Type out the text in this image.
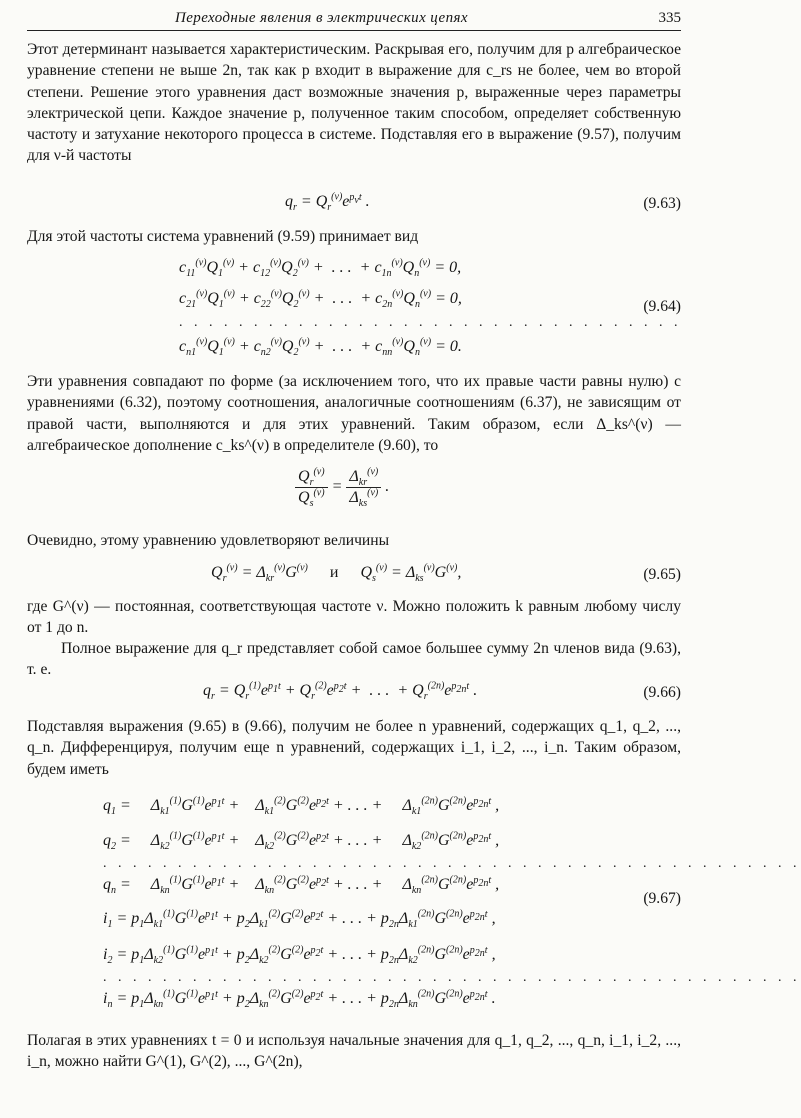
Переходные явления в электрических цепях	335
Этот детерминант называется характеристическим. Раскрывая его, получим для p алгебраическое уравнение степени не выше 2n, так как p входит в выражение для c_rs не более, чем во второй степени. Решение этого уравнения даст возможные значения p, выраженные через параметры электрической цепи. Каждое значение p, полученное таким способом, определяет собственную частоту и затухание некоторого процесса в системе. Подставляя его в выражение (9.57), получим для ν-й частоты
$q_r = Q_r^{(\nu)}e^{p_\nu t}$ .	(9.63)
Для этой частоты система уравнений (9.59) принимает вид
$c_{11}^{(\nu)}Q_1^{(\nu)} + c_{12}^{(\nu)}Q_2^{(\nu)}$ +  . . .  + $c_{1n}^{(\nu)}Q_n^{(\nu)} = 0$,
$c_{21}^{(\nu)}Q_1^{(\nu)} + c_{22}^{(\nu)}Q_2^{(\nu)}$ +  . . .  + $c_{2n}^{(\nu)}Q_n^{(\nu)} = 0$,
. . . . . . . . . . . . . . . . . . . . . . . . . . . . . . . . . .
$c_{n1}^{(\nu)}Q_1^{(\nu)} + c_{n2}^{(\nu)}Q_2^{(\nu)}$ +  . . .  + $c_{nn}^{(\nu)}Q_n^{(\nu)} = 0$.
(9.64)
Эти уравнения совпадают по форме (за исключением того, что их правые части равны нулю) с уравнениями (6.32), поэтому соотношения, аналогичные соотношениям (6.37), не зависящим от правой части, выполняются и для этих уравнений. Таким образом, если Δ_ks^(ν) — алгебраическое дополнение c_ks^(ν) в определителе (9.60), то
$\frac{Q_r^{(\nu)}}{Q_s^{(\nu)}} = \frac{\Delta_{kr}^{(\nu)}}{\Delta_{ks}^{(\nu)}}$ .
Очевидно, этому уравнению удовлетворяют величины
$Q_r^{(\nu)} = \Delta_{kr}^{(\nu)}G^{(\nu)}$ и $Q_s^{(\nu)} = \Delta_{ks}^{(\nu)}G^{(\nu)}$,	(9.65)
где G^(ν) — постоянная, соответствующая частоте ν. Можно положить k равным любому числу от 1 до n.
Полное выражение для q_r представляет собой самое большее сумму 2n членов вида (9.63), т. е.
$q_r = Q_r^{(1)}e^{p_1t} + Q_r^{(2)}e^{p_2t}$ +  . . .  + $Q_r^{(2n)}e^{p_{2n}t}$ .	(9.66)
Подставляя выражения (9.65) в (9.66), получим не более n уравнений, содержащих q_1, q_2, ..., q_n. Дифференцируя, получим еще n уравнений, содержащих i_1, i_2, ..., i_n. Таким образом, будем иметь
$q_1$ =     $\Delta_{k1}^{(1)}G^{(1)}e^{p_1t}$ +    $\Delta_{k1}^{(2)}G^{(2)}e^{p_2t}$ + . . . +     $\Delta_{k1}^{(2n)}G^{(2n)}e^{p_{2n}t}$ ,
$q_2$ =     $\Delta_{k2}^{(1)}G^{(1)}e^{p_1t}$ +    $\Delta_{k2}^{(2)}G^{(2)}e^{p_2t}$ + . . . +     $\Delta_{k2}^{(2n)}G^{(2n)}e^{p_{2n}t}$ ,
. . . . . . . . . . . . . . . . . . . . . . . . . . . . . . . . . . . . . . . . . . . . . . .
$q_n$ =     $\Delta_{kn}^{(1)}G^{(1)}e^{p_1t}$ +    $\Delta_{kn}^{(2)}G^{(2)}e^{p_2t}$ + . . . +     $\Delta_{kn}^{(2n)}G^{(2n)}e^{p_{2n}t}$ ,
$i_1 = p_1\Delta_{k1}^{(1)}G^{(1)}e^{p_1t} + p_2\Delta_{k1}^{(2)}G^{(2)}e^{p_2t}$ + . . . + $p_{2n}\Delta_{k1}^{(2n)}G^{(2n)}e^{p_{2n}t}$ ,
$i_2 = p_1\Delta_{k2}^{(1)}G^{(1)}e^{p_1t} + p_2\Delta_{k2}^{(2)}G^{(2)}e^{p_2t}$ + . . . + $p_{2n}\Delta_{k2}^{(2n)}G^{(2n)}e^{p_{2n}t}$ ,
. . . . . . . . . . . . . . . . . . . . . . . . . . . . . . . . . . . . . . . . . . . . . . .
$i_n = p_1\Delta_{kn}^{(1)}G^{(1)}e^{p_1t} + p_2\Delta_{kn}^{(2)}G^{(2)}e^{p_2t}$ + . . . + $p_{2n}\Delta_{kn}^{(2n)}G^{(2n)}e^{p_{2n}t}$ .
(9.67)
Полагая в этих уравнениях t = 0 и используя начальные значения для q_1, q_2, ..., q_n, i_1, i_2, ..., i_n, можно найти G^(1), G^(2), ..., G^(2n),
